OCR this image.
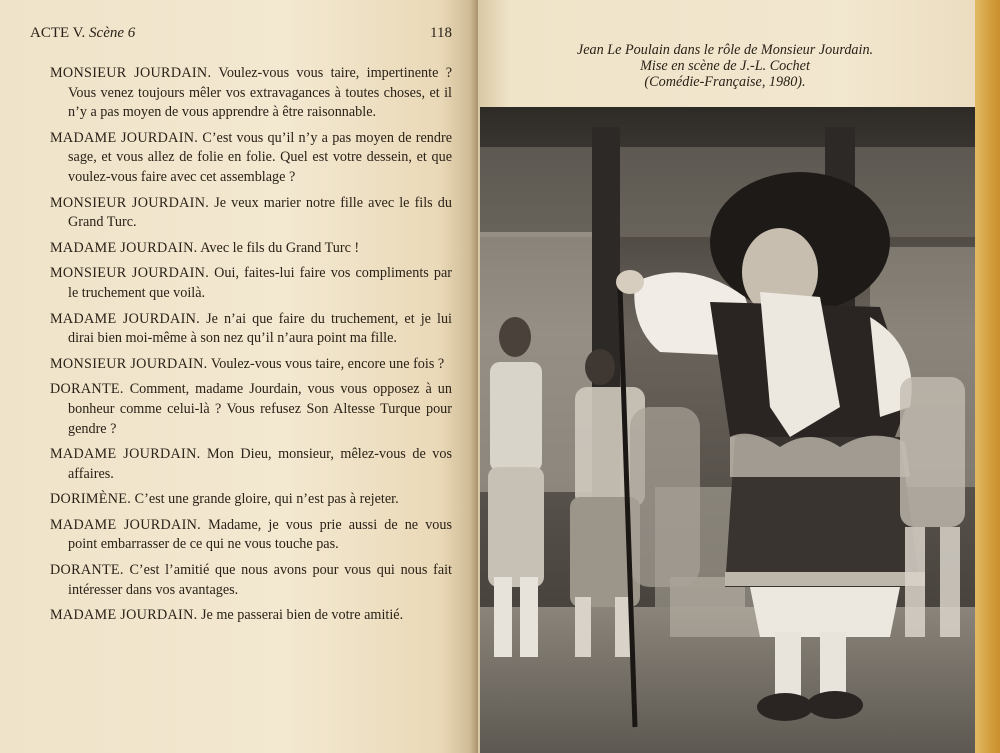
ACTE V. Scène 6	118

MONSIEUR JOURDAIN. Voulez-vous vous taire, impertinente ? Vous venez toujours mêler vos extravagances à toutes choses, et il n’y a pas moyen de vous apprendre à être raisonnable.

MADAME JOURDAIN. C’est vous qu’il n’y a pas moyen de rendre sage, et vous allez de folie en folie. Quel est votre dessein, et que voulez-vous faire avec cet assemblage ?

MONSIEUR JOURDAIN. Je veux marier notre fille avec le fils du Grand Turc.

MADAME JOURDAIN. Avec le fils du Grand Turc !

MONSIEUR JOURDAIN. Oui, faites-lui faire vos compliments par le truchement que voilà.

MADAME JOURDAIN. Je n’ai que faire du truchement, et je lui dirai bien moi-même à son nez qu’il n’aura point ma fille.

MONSIEUR JOURDAIN. Voulez-vous vous taire, encore une fois ?

DORANTE. Comment, madame Jourdain, vous vous opposez à un bonheur comme celui-là ? Vous refusez Son Altesse Turque pour gendre ?

MADAME JOURDAIN. Mon Dieu, monsieur, mêlez-vous de vos affaires.

DORIMÈNE. C’est une grande gloire, qui n’est pas à rejeter.

MADAME JOURDAIN. Madame, je vous prie aussi de ne vous point embarrasser de ce qui ne vous touche pas.

DORANTE. C’est l’amitié que nous avons pour vous qui nous fait intéresser dans vos avantages.

MADAME JOURDAIN. Je me passerai bien de votre amitié.

Jean Le Poulain dans le rôle de Monsieur Jourdain.
Mise en scène de J.-L. Cochet
(Comédie-Française, 1980).
